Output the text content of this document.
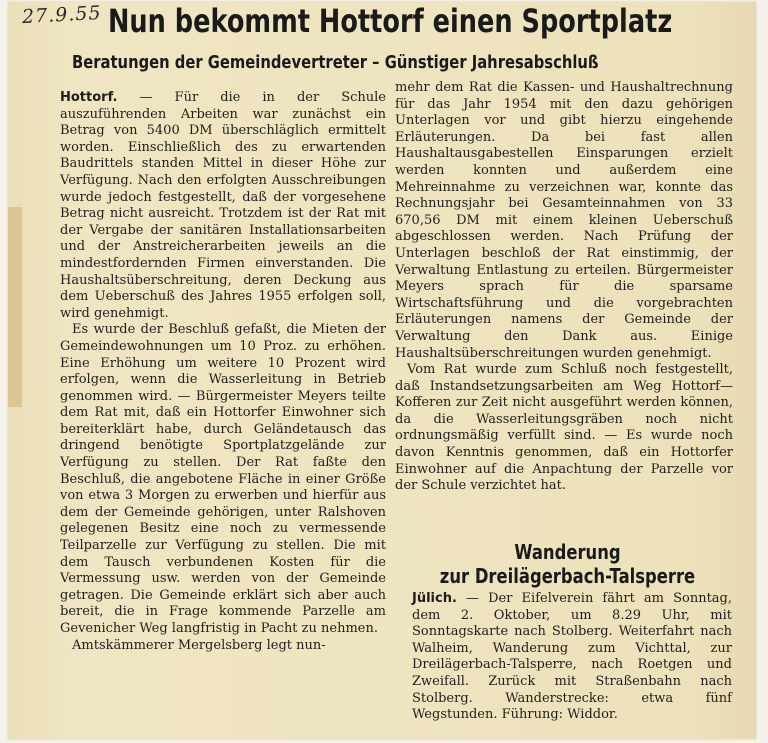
27.9.55 Nun bekommt Hottorf einen Sportplatz
Beratungen der Gemeindevertreter – Günstiger Jahresabschluß

Hottorf. — Für die in der Schule auszuführenden Arbeiten war zunächst ein Betrag von 5400 DM überschläglich ermittelt worden. Einschließlich des zu erwartenden Baudrittels standen Mittel in dieser Höhe zur Verfügung. Nach den erfolgten Ausschreibungen wurde jedoch festgestellt, daß der vorgesehene Betrag nicht ausreicht. Trotzdem ist der Rat mit der Vergabe der sanitären Installationsarbeiten und der Anstreicherarbeiten jeweils an die mindestfordernden Firmen einverstanden. Die Haushaltsüberschreitung, deren Deckung aus dem Ueberschuß des Jahres 1955 erfolgen soll, wird genehmigt.

Es wurde der Beschluß gefaßt, die Mieten der Gemeindewohnungen um 10 Proz. zu erhöhen. Eine Erhöhung um weitere 10 Prozent wird erfolgen, wenn die Wasserleitung in Betrieb genommen wird. — Bürgermeister Meyers teilte dem Rat mit, daß ein Hottorfer Einwohner sich bereiterklärt habe, durch Geländetausch das dringend benötigte Sportplatzgelände zur Verfügung zu stellen. Der Rat faßte den Beschluß, die angebotene Fläche in einer Größe von etwa 3 Morgen zu erwerben und hierfür aus dem der Gemeinde gehörigen, unter Ralshoven gelegenen Besitz eine noch zu vermessende Teilparzelle zur Verfügung zu stellen. Die mit dem Tausch verbundenen Kosten für die Vermessung usw. werden von der Gemeinde getragen. Die Gemeinde erklärt sich aber auch bereit, die in Frage kommende Parzelle am Gevenicher Weg langfristig in Pacht zu nehmen.

Amtskämmerer Mergelsberg legt nun-

mehr dem Rat die Kassen- und Haushaltrechnung für das Jahr 1954 mit den dazu gehörigen Unterlagen vor und gibt hierzu eingehende Erläuterungen. Da bei fast allen Haushaltausgabestellen Einsparungen erzielt werden konnten und außerdem eine Mehreinnahme zu verzeichnen war, konnte das Rechnungsjahr bei Gesamteinnahmen von 33 670,56 DM mit einem kleinen Ueberschuß abgeschlossen werden. Nach Prüfung der Unterlagen beschloß der Rat einstimmig, der Verwaltung Entlastung zu erteilen. Bürgermeister Meyers sprach für die sparsame Wirtschaftsführung und die vorgebrachten Erläuterungen namens der Gemeinde der Verwaltung den Dank aus. Einige Haushaltsüberschreitungen wurden genehmigt.

Vom Rat wurde zum Schluß noch festgestellt, daß Instandsetzungsarbeiten am Weg Hottorf—Kofferen zur Zeit nicht ausgeführt werden können, da die Wasserleitungsgräben noch nicht ordnungsmäßig verfüllt sind. — Es wurde noch davon Kenntnis genommen, daß ein Hottorfer Einwohner auf die Anpachtung der Parzelle vor der Schule verzichtet hat.

Wanderung
zur Dreilägerbach-Talsperre

Jülich. — Der Eifelverein fährt am Sonntag, dem 2. Oktober, um 8.29 Uhr, mit Sonntagskarte nach Stolberg. Weiterfahrt nach Walheim, Wanderung zum Vichttal, zur Dreilägerbach-Talsperre, nach Roetgen und Zweifall. Zurück mit Straßenbahn nach Stolberg. Wanderstrecke: etwa fünf Wegstunden. Führung: Widdor.
